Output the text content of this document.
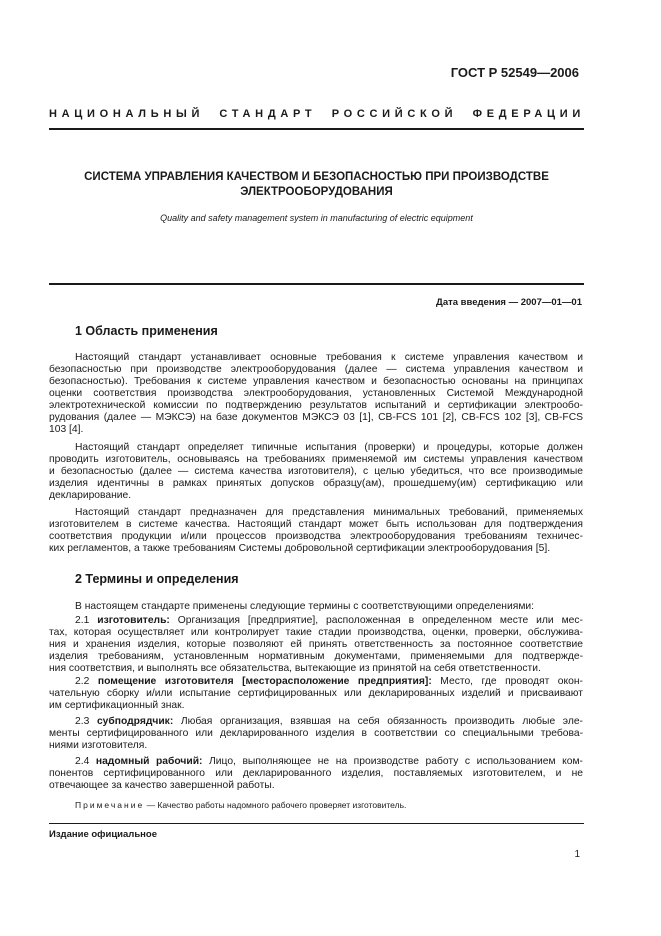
ГОСТ Р 52549—2006
НАЦИОНАЛЬНЫЙ СТАНДАРТ РОССИЙСКОЙ ФЕДЕРАЦИИ
СИСТЕМА УПРАВЛЕНИЯ КАЧЕСТВОМ И БЕЗОПАСНОСТЬЮ ПРИ ПРОИЗВОДСТВЕ
ЭЛЕКТРООБОРУДОВАНИЯ
Quality and safety management system in manufacturing of electric equipment
Дата введения — 2007—01—01
1 Область применения
Настоящий стандарт устанавливает основные требования к системе управления качеством и
безопасностью при производстве электрооборудования (далее — система управления качеством и
безопасностью). Требования к системе управления качеством и безопасностью основаны на принципах
оценки соответствия производства электрооборудования, установленных Системой Международной
электротехнической комиссии по подтверждению результатов испытаний и сертификации электрообо-
рудования (далее — МЭКСЭ) на базе документов МЭКСЭ 03 [1], CB-FCS 101 [2], CB-FCS 102 [3], CB-FCS
103 [4].
Настоящий стандарт определяет типичные испытания (проверки) и процедуры, которые должен
проводить изготовитель, основываясь на требованиях применяемой им системы управления качеством
и безопасностью (далее — система качества изготовителя), с целью убедиться, что все производимые
изделия идентичны в рамках принятых допусков образцу(ам), прошедшему(им) сертификацию или
декларирование.
Настоящий стандарт предназначен для представления минимальных требований, применяемых
изготовителем в системе качества. Настоящий стандарт может быть использован для подтверждения
соответствия продукции и/или процессов производства электрооборудования требованиям техничес-
ких регламентов, а также требованиям Системы добровольной сертификации электрооборудования [5].
2 Термины и определения
В настоящем стандарте применены следующие термины с соответствующими определениями:
2.1 изготовитель: Организация [предприятие], расположенная в определенном месте или мес-
тах, которая осуществляет или контролирует такие стадии производства, оценки, проверки, обслужива-
ния и хранения изделия, которые позволяют ей принять ответственность за постоянное соответствие
изделия требованиям, установленным нормативным документами, применяемыми для подтвержде-
ния соответствия, и выполнять все обязательства, вытекающие из принятой на себя ответственности.
2.2 помещение изготовителя [месторасположение предприятия]: Место, где проводят окон-
чательную сборку и/или испытание сертифицированных или декларированных изделий и присваивают
им сертификационный знак.
2.3 субподрядчик: Любая организация, взявшая на себя обязанность производить любые эле-
менты сертифицированного или декларированного изделия в соответствии со специальными требова-
ниями изготовителя.
2.4 надомный рабочий: Лицо, выполняющее не на производстве работу с использованием ком-
понентов сертифицированного или декларированного изделия, поставляемых изготовителем, и не
отвечающее за качество завершенной работы.
Примечание — Качество работы надомного рабочего проверяет изготовитель.
Издание официальное
1
